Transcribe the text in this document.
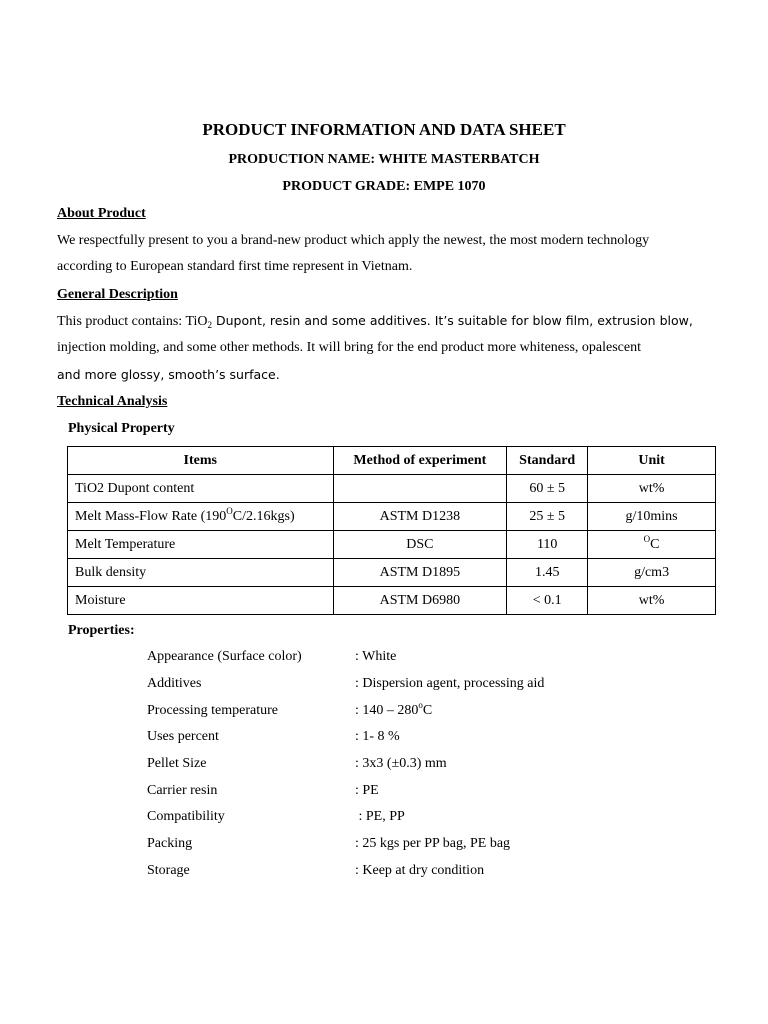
PRODUCT INFORMATION AND DATA SHEET
PRODUCTION NAME: WHITE MASTERBATCH
PRODUCT GRADE: EMPE 1070
About Product
We respectfully present to you a brand-new product which apply the newest, the most modern technology
according to European standard first time represent in Vietnam.
General Description
This product contains: TiO$_2$ Dupont, resin and some additives. It’s suitable for blow film, extrusion blow,
injection molding, and some other methods. It will bring for the end product more whiteness, opalescent
and more glossy, smooth’s surface.
Technical Analysis
Physical Property
Items	Method of experiment	Standard	Unit
TiO2 Dupont content		60 ± 5	wt%
Melt Mass-Flow Rate $(190^OC/2.16kgs)$	ASTM D1238	25 ± 5	g/10mins
Melt Temperature	DSC	110	$^O$C
Bulk density	ASTM D1895	1.45	g/cm3
Moisture	ASTM D6980	< 0.1	wt%
Properties:
Appearance (Surface color)	: White
Additives	: Dispersion agent, processing aid
Processing temperature	: 140 – 280$^o$C
Uses percent	: 1- 8 %
Pellet Size	: 3x3 (±0.3) mm
Carrier resin	: PE
Compatibility	: PE, PP
Packing	: 25 kgs per PP bag, PE bag
Storage	: Keep at dry condition
